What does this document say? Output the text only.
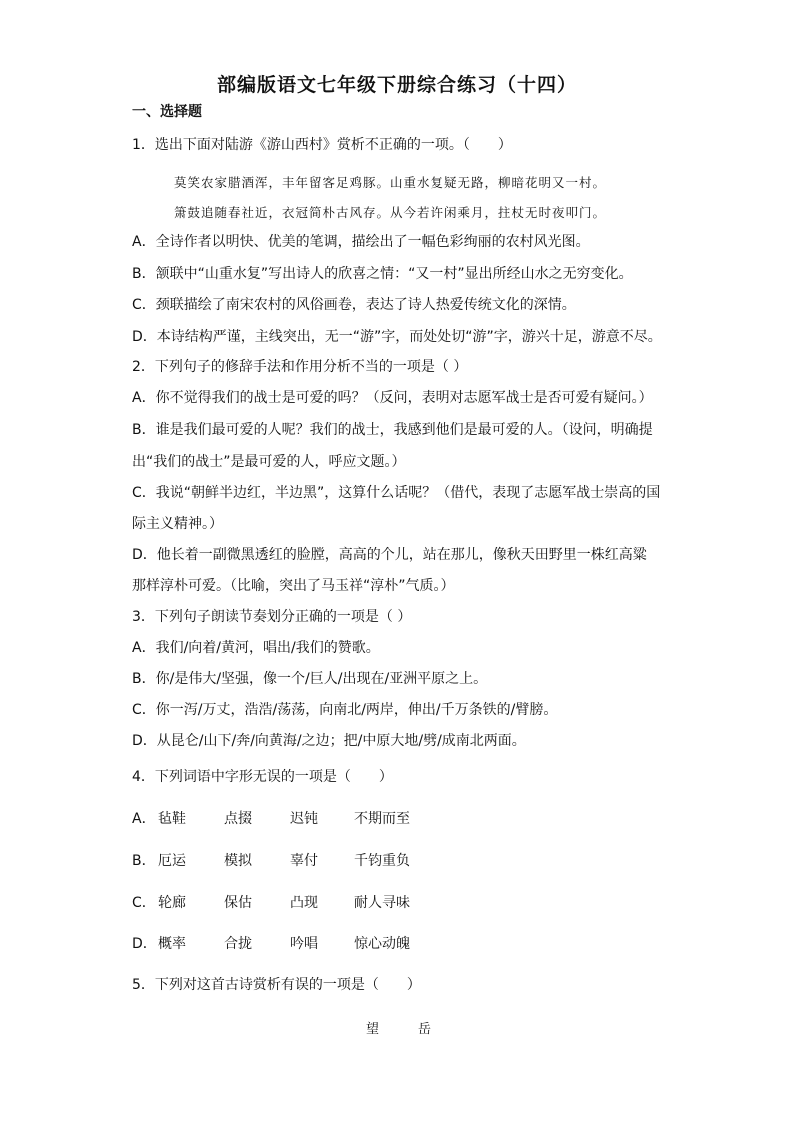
部编版语文七年级下册综合练习（十四）
一、选择题
1．选出下面对陆游《游山西村》赏析不正确的一项。（　　）
莫笑农家腊酒浑，丰年留客足鸡豚。山重水复疑无路，柳暗花明又一村。
箫鼓追随春社近，衣冠简朴古风存。从今若许闲乘月，拄杖无时夜叩门。
A．全诗作者以明快、优美的笔调，描绘出了一幅色彩绚丽的农村风光图。
B．颔联中“山重水复”写出诗人的欣喜之情：“又一村”显出所经山水之无穷变化。
C．颈联描绘了南宋农村的风俗画卷，表达了诗人热爱传统文化的深情。
D．本诗结构严谨，主线突出，无一“游”字，而处处切“游”字，游兴十足，游意不尽。
2．下列句子的修辞手法和作用分析不当的一项是（ ）
A．你不觉得我们的战士是可爱的吗？（反问，表明对志愿军战士是否可爱有疑问。）
B．谁是我们最可爱的人呢？我们的战士，我感到他们是最可爱的人。（设问，明确提
出“我们的战士”是最可爱的人，呼应文题。）
C．我说“朝鲜半边红，半边黑”，这算什么话呢？（借代，表现了志愿军战士崇高的国
际主义精神。）
D．他长着一副微黑透红的脸膛，高高的个儿，站在那儿，像秋天田野里一株红高粱
那样淳朴可爱。（比喻，突出了马玉祥“淳朴”气质。）
3．下列句子朗读节奏划分正确的一项是（ ）
A．我们/向着/黄河，唱出/我们的赞歌。
B．你/是伟大/坚强，像一个/巨人/出现在/亚洲平原之上。
C．你一泻/万丈，浩浩/荡荡，向南北/两岸，伸出/千万条铁的/臂膀。
D．从昆仑/山下/奔/向黄海/之边；把/中原大地/劈/成南北两面。
4．下列词语中字形无误的一项是（　　）
A． 毡鞋	点掇	迟钝	不期而至
B． 厄运	模拟	辜付	千钧重负
C． 轮廊	保估	凸现	耐人寻味
D． 概率	合拢	吟唱	惊心动魄
5．下列对这首古诗赏析有误的一项是（　　）
望	岳
